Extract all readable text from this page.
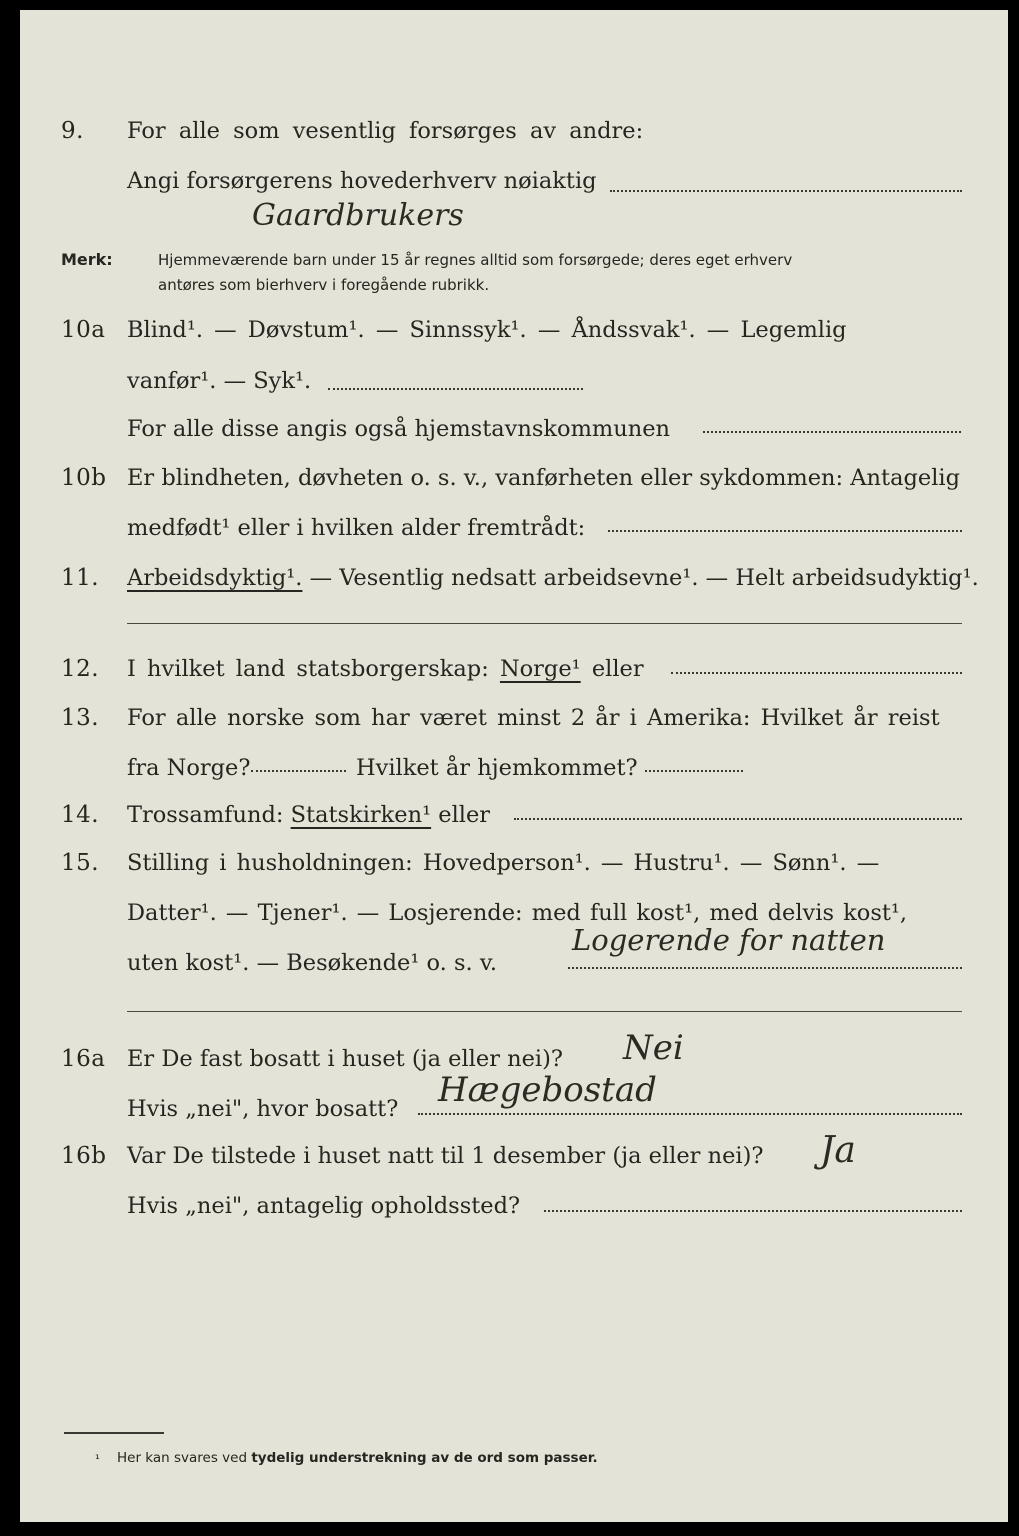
9. For alle som vesentlig forsørges av andre:
Angi forsørgerens hovederhverv nøiaktig
Gaardbrukers
Merk:	Hjemmeværende barn under 15 år regnes alltid som forsørgede; deres eget erhverv
antøres som bierhverv i foregående rubrikk.
10a Blind¹. — Døvstum¹. — Sinnssyk¹. — Åndssvak¹. — Legemlig
vanfør¹. — Syk¹.
For alle disse angis også hjemstavnskommunen
10b Er blindheten, døvheten o. s. v., vanførheten eller sykdommen: Antagelig
medfødt¹ eller i hvilken alder fremtrådt:
11. Arbeidsdyktig¹. — Vesentlig nedsatt arbeidsevne¹. — Helt arbeidsudyktig¹.
12. I hvilket land statsborgerskap: Norge¹ eller
13. For alle norske som har været minst 2 år i Amerika: Hvilket år reist
fra Norge?	Hvilket år hjemkommet?
14. Trossamfund: Statskirken¹ eller
15. Stilling i husholdningen: Hovedperson¹. — Hustru¹. — Sønn¹. —
Datter¹. — Tjener¹. — Losjerende: med full kost¹, med delvis kost¹,
uten kost¹. — Besøkende¹ o. s. v.
Logerende for natten
16a Er De fast bosatt i huset (ja eller nei)? Nei
Hvis „nei", hvor bosatt? Hægebostad
16b Var De tilstede i huset natt til 1 desember (ja eller nei)? Ja
Hvis „nei", antagelig opholdssted?
¹ Her kan svares ved tydelig understrekning av de ord som passer.
